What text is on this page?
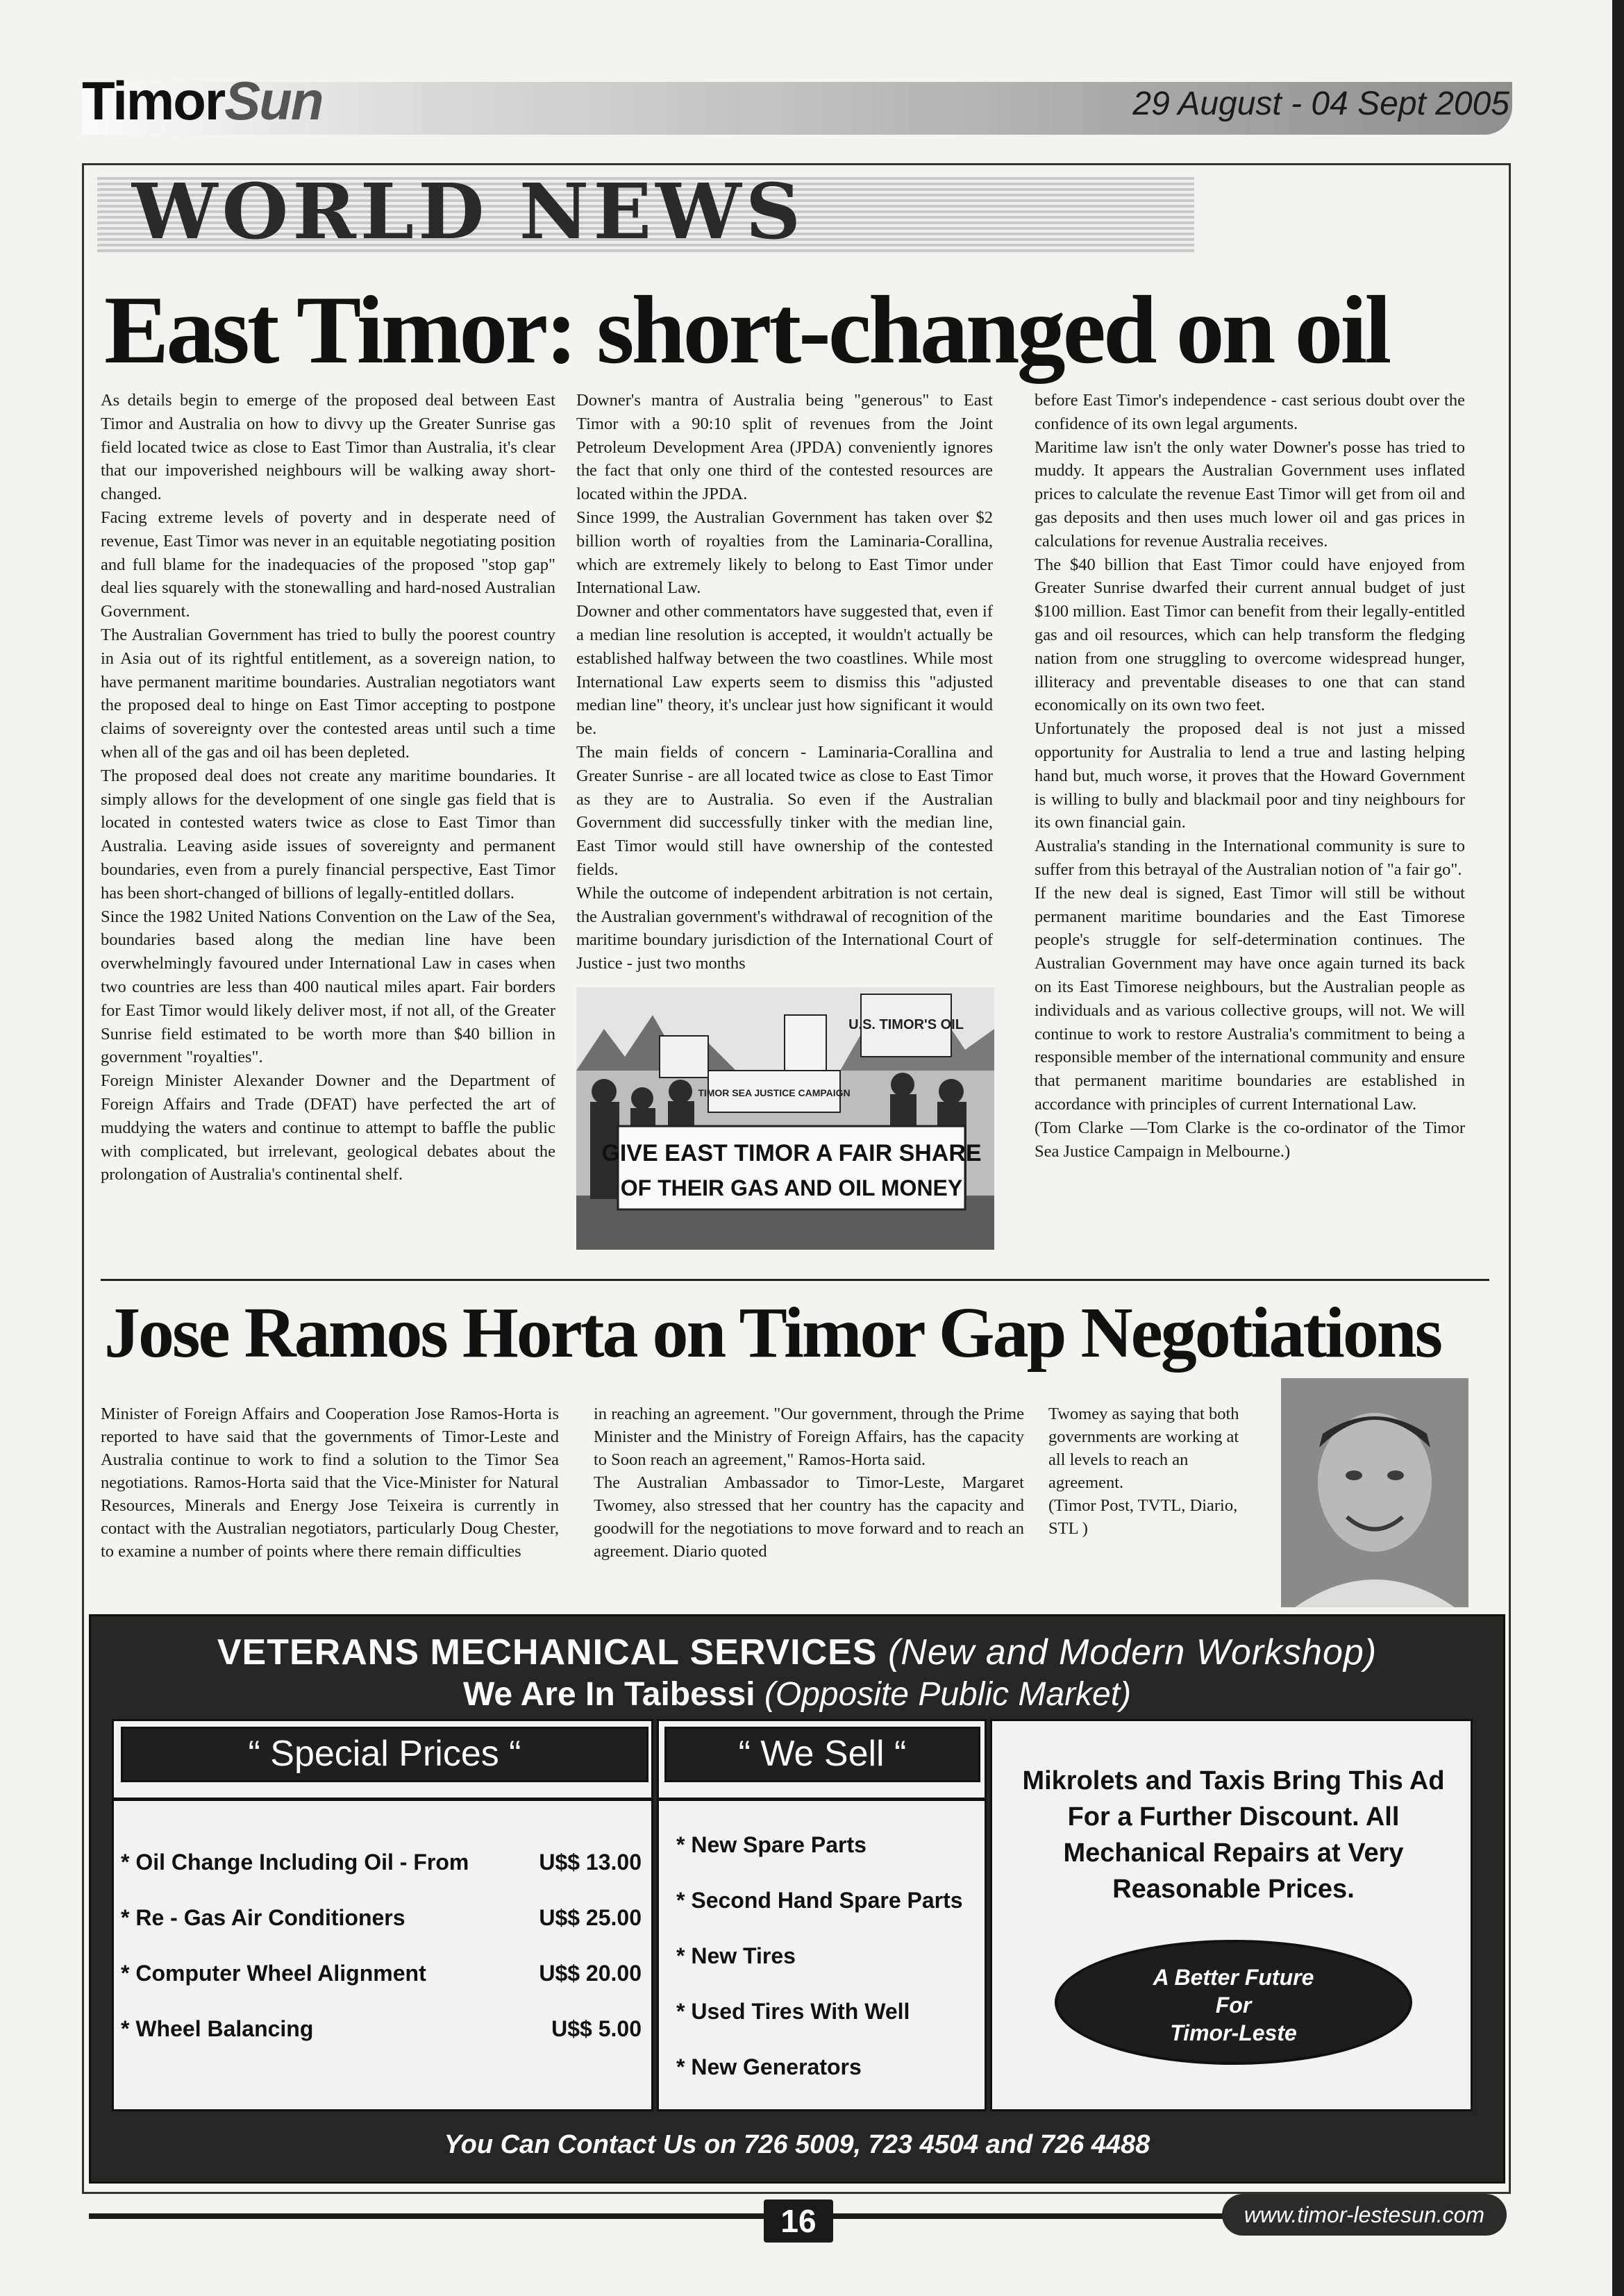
TimorSun	29 August - 04 Sept 2005
WORLD NEWS
East Timor: short-changed on oil

As details begin to emerge of the proposed deal between East Timor and Australia on how to divvy up the Greater Sunrise gas field located twice as close to East Timor than Australia, it's clear that our impoverished neighbours will be walking away short-changed.

Facing extreme levels of poverty and in desperate need of revenue, East Timor was never in an equitable negotiating position and full blame for the inadequacies of the proposed "stop gap" deal lies squarely with the stonewalling and hard-nosed Australian Government.

The Australian Government has tried to bully the poorest country in Asia out of its rightful entitlement, as a sovereign nation, to have permanent maritime boundaries. Australian negotiators want the proposed deal to hinge on East Timor accepting to postpone claims of sovereignty over the contested areas until such a time when all of the gas and oil has been depleted.

The proposed deal does not create any maritime boundaries. It simply allows for the development of one single gas field that is located in contested waters twice as close to East Timor than Australia. Leaving aside issues of sovereignty and permanent boundaries, even from a purely financial perspective, East Timor has been short-changed of billions of legally-entitled dollars.

Since the 1982 United Nations Convention on the Law of the Sea, boundaries based along the median line have been overwhelmingly favoured under International Law in cases when two countries are less than 400 nautical miles apart. Fair borders for East Timor would likely deliver most, if not all, of the Greater Sunrise field estimated to be worth more than $40 billion in government "royalties".

Foreign Minister Alexander Downer and the Department of Foreign Affairs and Trade (DFAT) have perfected the art of muddying the waters and continue to attempt to baffle the public with complicated, but irrelevant, geological debates about the prolongation of Australia's continental shelf.

Downer's mantra of Australia being "generous" to East Timor with a 90:10 split of revenues from the Joint Petroleum Development Area (JPDA) conveniently ignores the fact that only one third of the contested resources are located within the JPDA.

Since 1999, the Australian Government has taken over $2 billion worth of royalties from the Laminaria-Corallina, which are extremely likely to belong to East Timor under International Law.

Downer and other commentators have suggested that, even if a median line resolution is accepted, it wouldn't actually be established halfway between the two coastlines. While most International Law experts seem to dismiss this "adjusted median line" theory, it's unclear just how significant it would be.

The main fields of concern - Laminaria-Corallina and Greater Sunrise - are all located twice as close to East Timor as they are to Australia. So even if the Australian Government did successfully tinker with the median line, East Timor would still have ownership of the contested fields.

While the outcome of independent arbitration is not certain, the Australian government's withdrawal of recognition of the maritime boundary jurisdiction of the International Court of Justice - just two months

U.S. TIMOR'S OIL
TIMOR SEA JUSTICE CAMPAIGN
GIVE EAST TIMOR A FAIR SHARE
OF THEIR GAS AND OIL MONEY

before East Timor's independence - cast serious doubt over the confidence of its own legal arguments.

Maritime law isn't the only water Downer's posse has tried to muddy. It appears the Australian Government uses inflated prices to calculate the revenue East Timor will get from oil and gas deposits and then uses much lower oil and gas prices in calculations for revenue Australia receives.

The $40 billion that East Timor could have enjoyed from Greater Sunrise dwarfed their current annual budget of just $100 million. East Timor can benefit from their legally-entitled gas and oil resources, which can help transform the fledging nation from one struggling to overcome widespread hunger, illiteracy and preventable diseases to one that can stand economically on its own two feet.

Unfortunately the proposed deal is not just a missed opportunity for Australia to lend a true and lasting helping hand but, much worse, it proves that the Howard Government is willing to bully and blackmail poor and tiny neighbours for its own financial gain.

Australia's standing in the International community is sure to suffer from this betrayal of the Australian notion of "a fair go".

If the new deal is signed, East Timor will still be without permanent maritime boundaries and the East Timorese people's struggle for self-determination continues. The Australian Government may have once again turned its back on its East Timorese neighbours, but the Australian people as individuals and as various collective groups, will not. We will continue to work to restore Australia's commitment to being a responsible member of the international community and ensure that permanent maritime boundaries are established in accordance with principles of current International Law.

(Tom Clarke —Tom Clarke is the co-ordinator of the Timor Sea Justice Campaign in Melbourne.)

Jose Ramos Horta on Timor Gap Negotiations

Minister of Foreign Affairs and Cooperation Jose Ramos-Horta is reported to have said that the governments of Timor-Leste and Australia continue to work to find a solution to the Timor Sea negotiations. Ramos-Horta said that the Vice-Minister for Natural Resources, Minerals and Energy Jose Teixeira is currently in contact with the Australian negotiators, particularly Doug Chester, to examine a number of points where there remain difficulties

in reaching an agreement. "Our government, through the Prime Minister and the Ministry of Foreign Affairs, has the capacity to Soon reach an agreement," Ramos-Horta said.

The Australian Ambassador to Timor-Leste, Margaret Twomey, also stressed that her country has the capacity and goodwill for the negotiations to move forward and to reach an agreement. Diario quoted

Twomey as saying that both governments are working at all levels to reach an agreement.

(Timor Post, TVTL, Diario, STL )

VETERANS MECHANICAL SERVICES (New and Modern Workshop)
We Are In Taibessi (Opposite Public Market)
“ Special Prices “
* Oil Change Including Oil - From	U$$ 13.00
* Re - Gas Air Conditioners	U$$ 25.00
* Computer Wheel Alignment	U$$ 20.00
* Wheel Balancing	U$$ 5.00
“ We Sell “
* New Spare Parts
* Second Hand Spare Parts
* New Tires
* Used Tires With Well
* New Generators
Mikrolets and Taxis Bring This Ad For a Further Discount. All Mechanical Repairs at Very Reasonable Prices.
A Better Future
For
Timor-Leste
You Can Contact Us on 726 5009, 723 4504 and 726 4488
16	www.timor-lestesun.com
